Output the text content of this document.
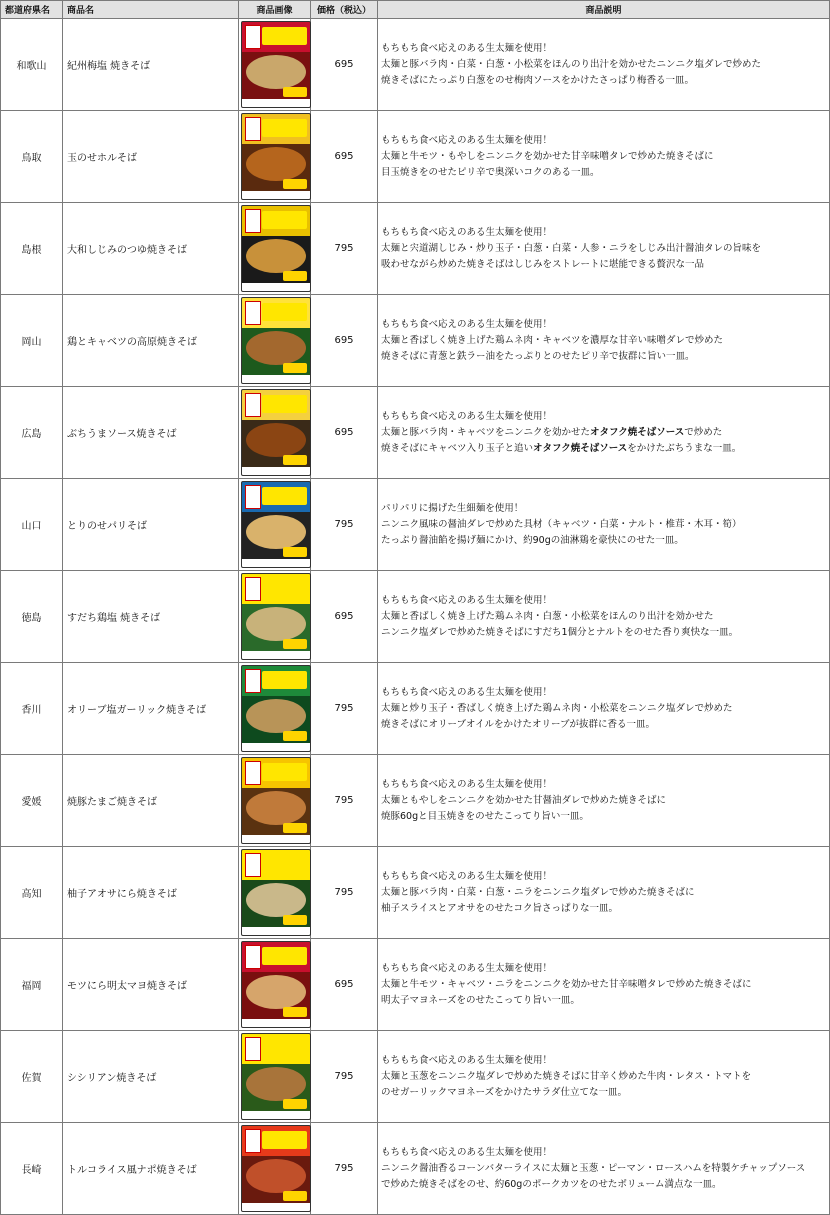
都道府県名	商品名	商品画像	価格（税込）	商品説明
和歌山	紀州梅塩 焼きそば		695	もちもち食べ応えのある生太麺を使用！
太麺と豚バラ肉・白菜・白葱・小松菜をほんのり出汁を効かせたニンニク塩ダレで炒めた
焼きそばにたっぷり白葱をのせ梅肉ソースをかけたさっぱり梅香る一皿。

鳥取	玉のせホルそば		695	もちもち食べ応えのある生太麺を使用！
太麺と牛モツ・もやしをニンニクを効かせた甘辛味噌タレで炒めた焼きそばに
目玉焼きをのせたピリ辛で奥深いコクのある一皿。

島根	大和しじみのつゆ焼きそば		795	もちもち食べ応えのある生太麺を使用！
太麺と宍道湖しじみ・炒り玉子・白葱・白菜・人参・ニラをしじみ出汁醤油タレの旨味を
吸わせながら炒めた焼きそばはしじみをストレートに堪能できる贅沢な一品

岡山	鶏とキャベツの高原焼きそば		695	もちもち食べ応えのある生太麺を使用！
太麺と香ばしく焼き上げた鶏ムネ肉・キャベツを濃厚な甘辛い味噌ダレで炒めた
焼きそばに青葱と鉄ラー油をたっぷりとのせたピリ辛で抜群に旨い一皿。

広島	ぶちうまソース焼きそば		695	もちもち食べ応えのある生太麺を使用！
太麺と豚バラ肉・キャベツをニンニクを効かせたオタフク焼そばソースで炒めた
焼きそばにキャベツ入り玉子と追いオタフク焼そばソースをかけたぶちうまな一皿。

山口	とりのせパリそば		795	パリパリに揚げた生細麺を使用！
ニンニク風味の醤油ダレで炒めた具材（キャベツ・白菜・ナルト・椎茸・木耳・筍）
たっぷり醤油餡を揚げ麺にかけ、約90gの油淋鶏を豪快にのせた一皿。

徳島	すだち鶏塩 焼きそば		695	もちもち食べ応えのある生太麺を使用！
太麺と香ばしく焼き上げた鶏ムネ肉・白葱・小松菜をほんのり出汁を効かせた
ニンニク塩ダレで炒めた焼きそばにすだち1個分とナルトをのせた香り爽快な一皿。

香川	オリーブ塩ガーリック焼きそば		795	もちもち食べ応えのある生太麺を使用！
太麺と炒り玉子・香ばしく焼き上げた鶏ムネ肉・小松菜をニンニク塩ダレで炒めた
焼きそばにオリーブオイルをかけたオリーブが抜群に香る一皿。

愛媛	焼豚たまご焼きそば		795	もちもち食べ応えのある生太麺を使用！
太麺ともやしをニンニクを効かせた甘醤油ダレで炒めた焼きそばに
焼豚60gと目玉焼きをのせたこってり旨い一皿。

高知	柚子アオサにら焼きそば		795	もちもち食べ応えのある生太麺を使用！
太麺と豚バラ肉・白菜・白葱・ニラをニンニク塩ダレで炒めた焼きそばに
柚子スライスとアオサをのせたコク旨さっぱりな一皿。

福岡	モツにら明太マヨ焼きそば		695	もちもち食べ応えのある生太麺を使用！
太麺と牛モツ・キャベツ・ニラをニンニクを効かせた甘辛味噌タレで炒めた焼きそばに
明太子マヨネーズをのせたこってり旨い一皿。

佐賀	シシリアン焼きそば		795	もちもち食べ応えのある生太麺を使用！
太麺と玉葱をニンニク塩ダレで炒めた焼きそばに甘辛く炒めた牛肉・レタス・トマトを
のせガーリックマヨネーズをかけたサラダ仕立てな一皿。

長崎	トルコライス風ナポ焼きそば		795	もちもち食べ応えのある生太麺を使用！
ニンニク醤油香るコーンバターライスに太麺と玉葱・ピーマン・ロースハムを特製ケチャップソース
で炒めた焼きそばをのせ、約60gのポークカツをのせたボリューム満点な一皿。
